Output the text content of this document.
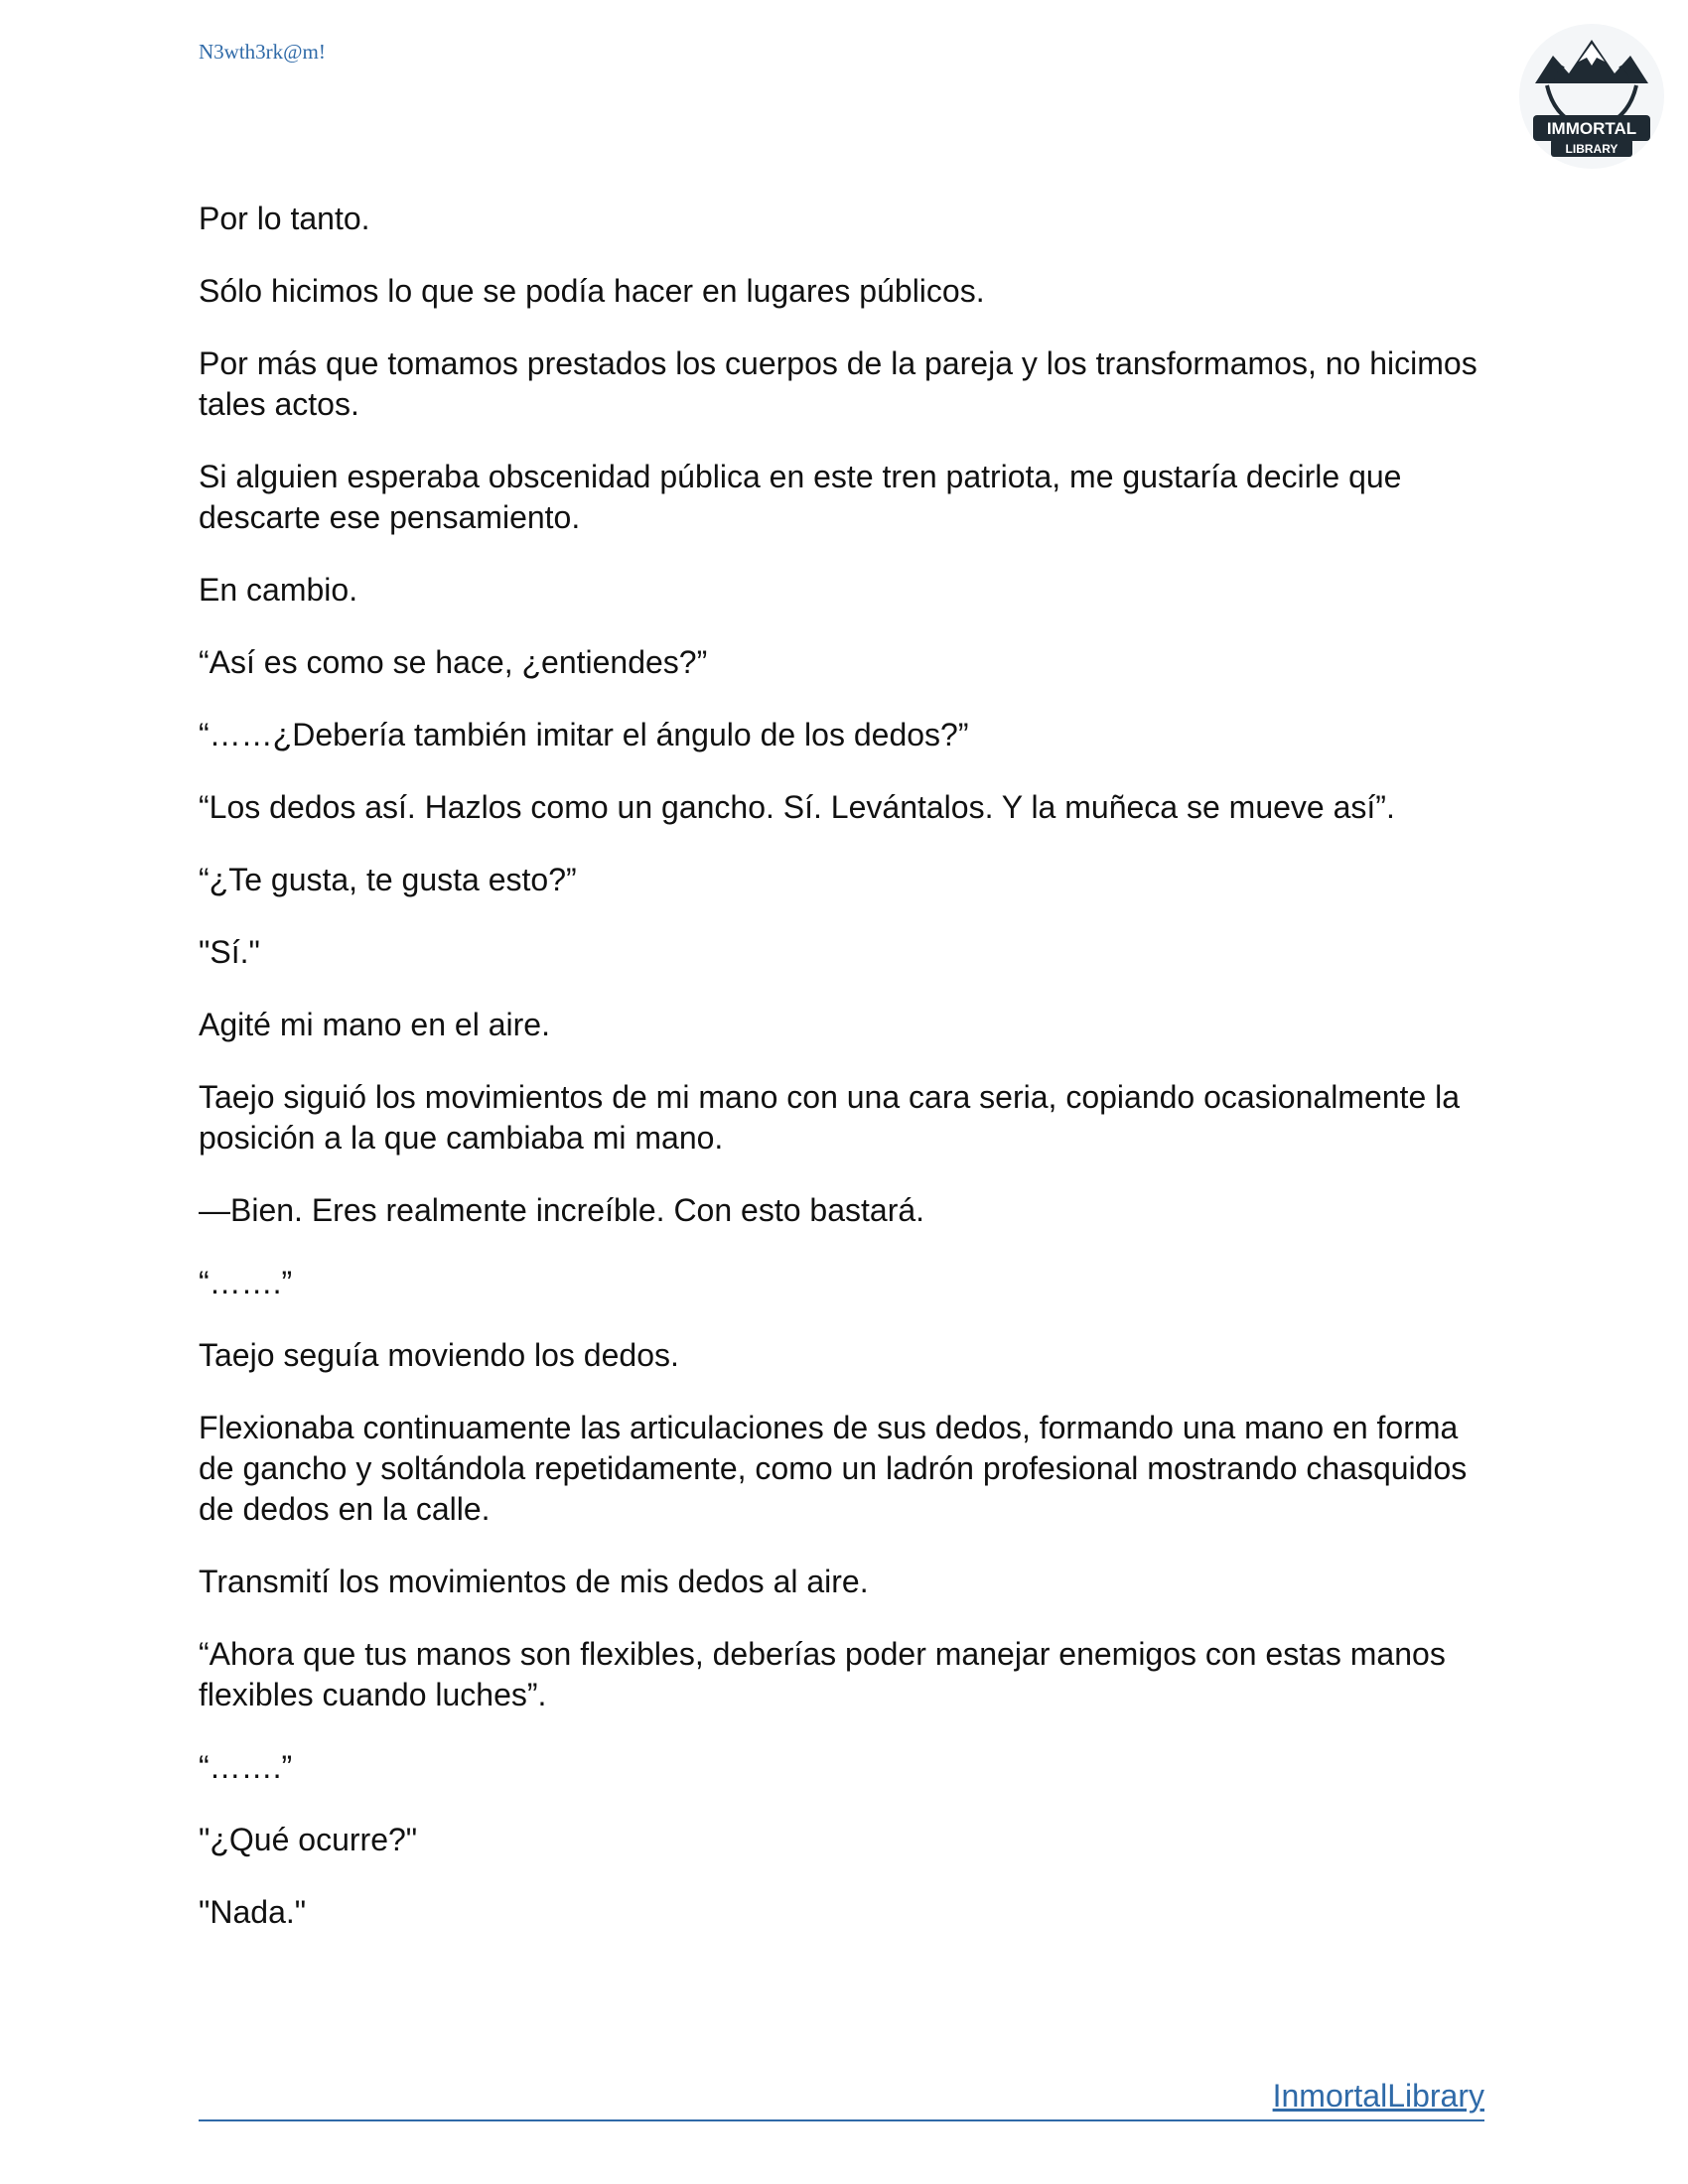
N3wth3rk@m!
IMMORTAL
LIBRARY

Por lo tanto.

Sólo hicimos lo que se podía hacer en lugares públicos.

Por más que tomamos prestados los cuerpos de la pareja y los transformamos, no hicimos tales actos.

Si alguien esperaba obscenidad pública en este tren patriota, me gustaría decirle que descarte ese pensamiento.

En cambio.

“Así es como se hace, ¿entiendes?”

“……¿Debería también imitar el ángulo de los dedos?”

“Los dedos así. Hazlos como un gancho. Sí. Levántalos. Y la muñeca se mueve así”.

“¿Te gusta, te gusta esto?”

"Sí."

Agité mi mano en el aire.

Taejo siguió los movimientos de mi mano con una cara seria, copiando ocasionalmente la posición a la que cambiaba mi mano.

—Bien. Eres realmente increíble. Con esto bastará.

“…….”

Taejo seguía moviendo los dedos.

Flexionaba continuamente las articulaciones de sus dedos, formando una mano en forma de gancho y soltándola repetidamente, como un ladrón profesional mostrando chasquidos de dedos en la calle.

Transmití los movimientos de mis dedos al aire.

“Ahora que tus manos son flexibles, deberías poder manejar enemigos con estas manos flexibles cuando luches”.

“…….”

"¿Qué ocurre?"

"Nada."

InmortalLibrary
